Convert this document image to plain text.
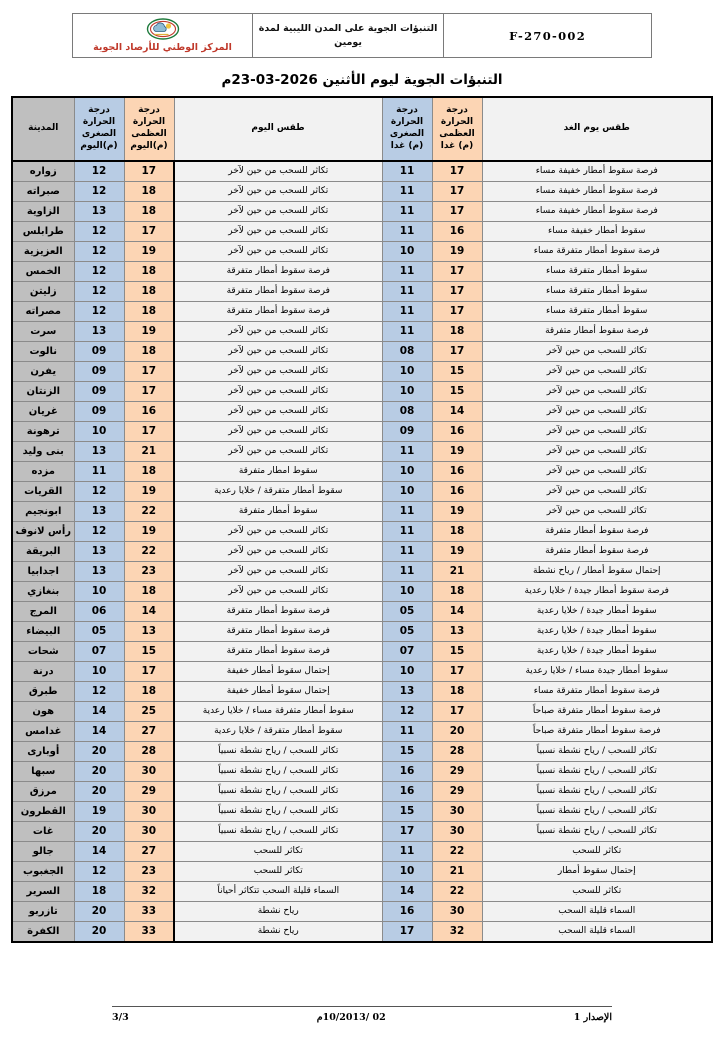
F-270-002	التنبؤات الجوية على المدن الليبية لمدة يومين	
المركز الوطني للأرصاد الجوية
التنبؤات الجوية ليوم الأثنين 2026-03-23م
طقس يوم الغد	درجة الحرارة العظمى (م) غدا	درجة الحرارة الصغرى (م) غدا	طقس اليوم	درجة الحرارة العظمى (م)اليوم	درجة الحرارة الصغرى (م)اليوم	المدينة
فرصة سقوط أمطار خفيفة مساء	17	11	تكاثر للسحب من حين لآخر	17	12	زواره
فرصة سقوط أمطار خفيفة مساء	17	11	تكاثر للسحب من حين لآخر	18	12	صبراته
فرصة سقوط أمطار خفيفة مساء	17	11	تكاثر للسحب من حين لآخر	18	13	الزاوية
سقوط أمطار خفيفة مساء	16	11	تكاثر للسحب من حين لآخر	17	12	طرابلس
فرصة سقوط أمطار متفرقة مساء	19	10	تكاثر للسحب من حين لآخر	19	12	العزيزية
سقوط أمطار متفرقة مساء	17	11	فرصة سقوط أمطار متفرقة	18	12	الخمس
سقوط أمطار متفرقة مساء	17	11	فرصة سقوط أمطار متفرقة	18	12	زليتن
سقوط أمطار متفرقة مساء	17	11	فرصة سقوط أمطار متفرقة	18	12	مصراته
فرصة سقوط أمطار متفرقة	18	11	تكاثر للسحب من حين لآخر	19	13	سرت
تكاثر للسحب من حين لآخر	17	08	تكاثر للسحب من حين لآخر	18	09	نالوت
تكاثر للسحب من حين لآخر	15	10	تكاثر للسحب من حين لآخر	17	09	يفرن
تكاثر للسحب من حين لآخر	15	10	تكاثر للسحب من حين لآخر	17	09	الزنتان
تكاثر للسحب من حين لآخر	14	08	تكاثر للسحب من حين لآخر	16	09	غريان
تكاثر للسحب من حين لآخر	16	09	تكاثر للسحب من حين لآخر	17	10	ترهونة
تكاثر للسحب من حين لآخر	19	11	تكاثر للسحب من حين لآخر	21	13	بنى وليد
تكاثر للسحب من حين لآخر	16	10	سقوط امطار متفرقة	18	11	مزده
تكاثر للسحب من حين لآخر	16	10	سقوط أمطار متفرقة / خلايا رعدية	19	12	القريات
تكاثر للسحب من حين لآخر	19	11	سقوط أمطار متفرقة	22	13	ابونجيم
فرصة سقوط أمطار متفرقة	18	11	تكاثر للسحب من حين لآخر	19	12	رأس لانوف
فرصة سقوط أمطار متفرقة	19	11	تكاثر للسحب من حين لآخر	22	13	البريقة
إحتمال سقوط أمطار / رياح نشطة	21	11	تكاثر للسحب من حين لآخر	23	13	اجدابيا
فرصة سقوط أمطار جيدة / خلايا رعدية	18	10	تكاثر للسحب من حين لآخر	18	10	بنغازي
سقوط أمطار جيدة / خلايا رعدية	14	05	فرصة سقوط أمطار متفرقة	14	06	المرج
سقوط أمطار جيدة / خلايا رعدية	13	05	فرصة سقوط أمطار متفرقة	13	05	البيضاء
سقوط أمطار جيدة / خلايا رعدية	15	07	فرصة سقوط أمطار متفرقة	15	07	شحات
سقوط أمطار جيدة مساء / خلايا رعدية	17	10	إحتمال سقوط أمطار خفيفة	17	10	درنة
فرصة سقوط أمطار متفرقة مساء	18	13	إحتمال سقوط أمطار خفيفة	18	12	طبرق
فرصة سقوط أمطار متفرقة صباحاً	17	12	سقوط أمطار متفرقة مساء / خلايا رعدية	25	14	هون
فرصة سقوط أمطار متفرقة صباحاً	20	11	سقوط أمطار متفرقة / خلايا رعدية	27	14	غدامس
تكاثر للسحب / رياح نشطة نسبياً	28	15	تكاثر للسحب / رياح نشطة نسبياً	28	20	أوبارى
تكاثر للسحب / رياح نشطة نسبياً	29	16	تكاثر للسحب / رياح نشطة نسبياً	30	20	سبها
تكاثر للسحب / رياح نشطة نسبياً	29	16	تكاثر للسحب / رياح نشطة نسبياً	29	20	مرزق
تكاثر للسحب / رياح نشطة نسبياً	30	15	تكاثر للسحب / رياح نشطة نسبياً	30	19	القطرون
تكاثر للسحب / رياح نشطة نسبياً	30	17	تكاثر للسحب / رياح نشطة نسبياً	30	20	غات
تكاثر للسحب	22	11	تكاثر للسحب	27	14	جالو
إحتمال سقوط أمطار	21	10	تكاثر للسحب	23	12	الجغبوب
تكاثر للسحب	22	14	السماء قليلة السحب تتكاثر أحياناً	32	18	السرير
السماء قليلة السحب	30	16	رياح نشطة	33	20	تازربو
السماء قليلة السحب	32	17	رياح نشطة	33	20	الكفرة
الإصدار 1
02 /10/2013م
3/3
